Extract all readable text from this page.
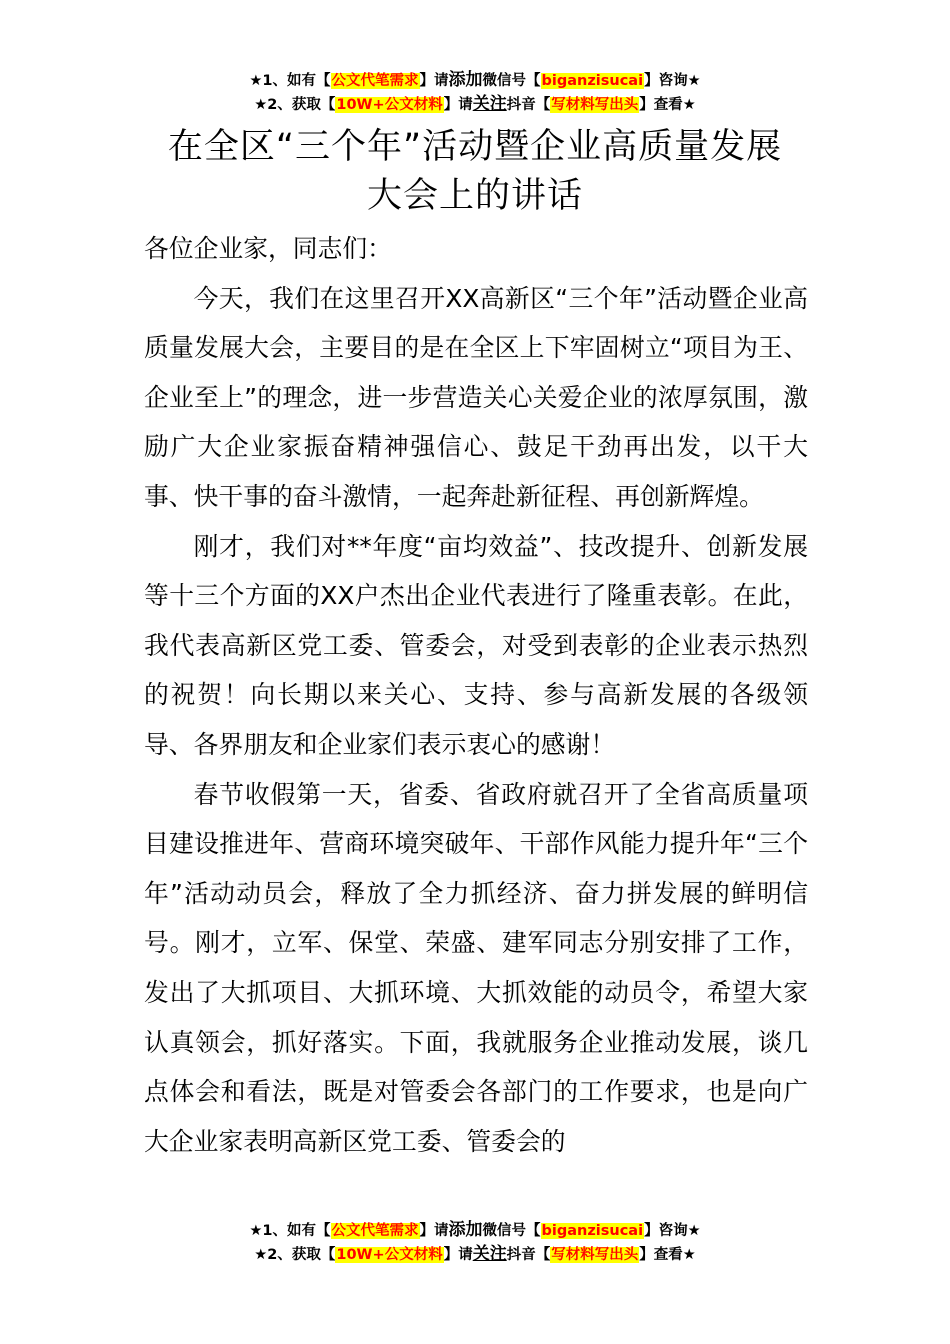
★1、如有【公文代笔需求】请添加微信号【biganzisucai】咨询★
★2、获取【10W+公文材料】请关注抖音【写材料写出头】查看★
在全区“三个年”活动暨企业高质量发展
大会上的讲话

各位企业家，同志们：

今天，我们在这里召开XX高新区“三个年”活动暨企业高质量发展大会，主要目的是在全区上下牢固树立“项目为王、企业至上”的理念，进一步营造关心关爱企业的浓厚氛围，激励广大企业家振奋精神强信心、鼓足干劲再出发，以干大事、快干事的奋斗激情，一起奔赴新征程、再创新辉煌。

刚才，我们对**年度“亩均效益”、技改提升、创新发展等十三个方面的XX户杰出企业代表进行了隆重表彰。在此，我代表高新区党工委、管委会，对受到表彰的企业表示热烈的祝贺！向长期以来关心、支持、参与高新发展的各级领导、各界朋友和企业家们表示衷心的感谢！

春节收假第一天，省委、省政府就召开了全省高质量项目建设推进年、营商环境突破年、干部作风能力提升年“三个年”活动动员会，释放了全力抓经济、奋力拼发展的鲜明信号。刚才，立军、保堂、荣盛、建军同志分别安排了工作，发出了大抓项目、大抓环境、大抓效能的动员令，希望大家认真领会，抓好落实。下面，我就服务企业推动发展，谈几点体会和看法，既是对管委会各部门的工作要求，也是向广大企业家表明高新区党工委、管委会的

★1、如有【公文代笔需求】请添加微信号【biganzisucai】咨询★
★2、获取【10W+公文材料】请关注抖音【写材料写出头】查看★
